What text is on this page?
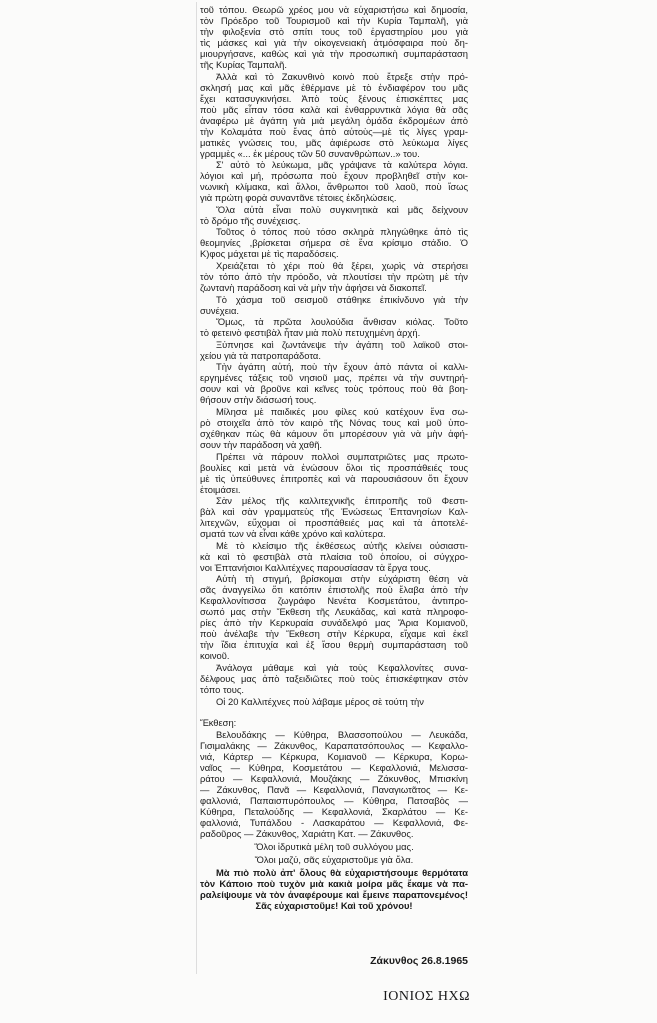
τοῦ τόπου. Θεωρῶ χρέος μου νὰ εὐχαριστήσω καὶ δημοσία,
τὸν Πρόεδρο τοῦ Τουρισμοῦ καὶ τὴν Κυρία Ταμπαλῆ, γιὰ
τὴν φιλοξενία στὸ σπίτι τους τοῦ ἐργαστηρίου μου γιὰ
τὶς μάσκες καὶ γιὰ τὴν οἰκογενειακὴ ἀτμόσφαιρα ποὺ δη-
μιουργήσανε, καθὼς καὶ γιὰ τὴν προσωπικὴ συμπαράσταση
τῆς Κυρίας Ταμπαλῆ.
Ἀλλὰ καὶ τὸ Ζακυνθινὸ κοινὸ ποὺ ἔτρεξε στὴν πρό-
σκλησή μας καὶ μᾶς ἐθέρμανε μὲ τὸ ἐνδιαφέρον του μᾶς
ἔχει κατασυγκινήσει. Ἀπὸ τοὺς ξένους ἐπισκέπτες μας
ποὺ μᾶς εἶπαν τόσα καλὰ καὶ ἐνθαρρυντικὰ λόγια θὰ σᾶς
ἀναφέρω μὲ ἀγάπη γιὰ μιὰ μεγάλη ὁμάδα ἐκδρομέων ἀπὸ
τὴν Κολαμάτα ποὺ ἕνας ἀπὸ αὐτοὺς—μὲ τὶς λίγες γραμ-
ματικὲς γνώσεις του, μᾶς ἀφιέρωσε στὸ λεύκωμα λίγες
γραμμὲς «... ἐκ μέρους τῶν 50 συνανθρώπων..» του.
Σ' αὐτὸ τὸ λεύκωμα, μᾶς γράψανε τὰ καλύτερα λόγια.
λόγιοι καὶ μή, πρόσωπα ποὺ ἔχουν προβληθεῖ στὴν κοι-
νωνικὴ κλίμακα, καὶ ἄλλοι, ἄνθρωποι τοῦ λαοῦ, ποὺ ἴσως
γιὰ πρώτη φορὰ συναντᾶνε τέτοιες ἐκδηλώσεις.
Ὅλα αὐτὰ εἶναι πολὺ συγκινητικὰ καὶ μᾶς δείχνουν
τὸ δρόμο τῆς συνέχεισς.
Τοῦτος ὁ τόπος ποὺ τόσο σκληρὰ πληγώθηκε ἀπὸ τὶς
θεομηνίες ,βρίσκεται σήμερα σὲ ἕνα κρίσιμο στάδιο. Ὁ
Κ)φος μάχεται μὲ τὶς παραδόσεις.
Χρειάζεται τὸ χέρι ποὺ θὰ ξέρει, χωρὶς νὰ στερήσει
τὸν τόπο ἀπὸ τὴν πρόοδο, νὰ πλουτίσει τὴν πρώτη μὲ τὴν
ζωντανὴ παράδοση καὶ νὰ μὴν τὴν ἀφήσει νὰ διακοπεῖ.
Τὸ χάσμα τοῦ σεισμοῦ στάθηκε ἐπικίνδυνο γιὰ τὴν
συνέχεια.
Ὅμως, τὰ πρῶτα λουλούδια ἄνθισαν κιόλας. Τοῦτο
τὸ φετεινὸ φεστιβὰλ ἦταν μιὰ πολὺ πετυχημένη ἀρχή.
Ξύπνησε καὶ ζωντάνεψε τὴν ἀγάπη τοῦ λαϊκοῦ στοι-
χείου γιὰ τὰ πατροπαράδοτα.
Τὴν ἀγάπη αὐτή, ποὺ τὴν ἔχουν ἀπὸ πάντα οἱ καλλι-
εργημένες τάξεις τοῦ νησιοῦ μας, πρέπει νὰ τὴν συντηρή-
σουν καὶ νὰ βροῦνε καὶ κεῖνες τοὺς τρόπους ποὺ θὰ βοη-
θήσουν στὴν διάσωσή τους.
Μίλησα μὲ παιδικές μου φίλες κού κατέχουν ἕνα σω-
ρὸ στοιχεῖα ἀπὸ τὸν καιρὸ τῆς Νόνας τους καὶ μοῦ ὑπο-
σχέθηκαν πὼς θὰ κάμουν ὅτι μπορέσουν γιὰ νὰ μὴν ἀφή-
σουν τὴν παράδοση νὰ χαθῆ.
Πρέπει νὰ πάρουν πολλοὶ συμπατριῶτες μας πρωτο-
βουλίες καὶ μετὰ νὰ ἑνώσουν ὅλοι τὶς προσπάθειές τους
μὲ τὶς ὑπεύθυνες ἐπιτροπὲς καὶ νὰ παρουσιάσουν ὅτι ἔχουν
ἑτοιμάσει.
Σὰν μέλος τῆς καλλιτεχνικῆς ἐπιτροπῆς τοῦ Φεστι-
βὰλ καὶ σὰν γραμματεὺς τῆς Ἑνώσεως Ἑπτανησίων Καλ-
λιτεχνῶν, εὔχομαι οἱ προσπάθειές μας καὶ τὰ ἀποτελέ-
σματά των νὰ εἶναι κάθε χρόνο καὶ καλύτερα.
Μὲ τὸ κλείσιμο τῆς ἐκθέσεως αὐτῆς κλείνει οὐσιαστι-
κὰ καὶ τὸ φεστιβὰλ στὰ πλαίσια τοῦ ὁποίου, οἱ σύγχρο-
νοι Ἑπτανήσιοι Καλλιτέχνες παρουσίασαν τὰ ἔργα τους.
Αὐτὴ τὴ στιγμή, βρίσκομαι στὴν εὐχάριστη θέση νὰ
σᾶς ἀναγγείλω ὅτι κατόπιν ἐπιστολῆς ποὺ ἔλαβα ἀπὸ τὴν
Κεφαλλονίτισσα ζωγράφο Νενέτα Κοσμετάτου, ἀντιπρο-
σωπό μας στὴν Ἔκθεση τῆς Λευκάδας, καὶ κατὰ πληροφο-
ρίες ἀπὸ τὴν Κερκυραία συνάδελφό μας Ἄρια Κομιανοῦ,
ποὺ ἀνέλαβε τὴν Ἔκθεση στὴν Κέρκυρα, εἴχαμε καὶ ἐκεῖ
τὴν ἴδια ἐπιτυχία καὶ ἐξ ἴσου θερμὴ συμπαράσταση τοῦ
κοινοῦ.
Ἀνάλογα μάθαμε καὶ γιὰ τοὺς Κεφαλλονίτες συνα-
δέλφους μας ἀπὸ ταξειδιῶτες ποὺ τοὺς ἐπισκέφτηκαν στὸν
τόπο τους.
Οἱ 20 Καλλιτέχνες ποὺ λάβαμε μέρος σὲ τούτη τὴν
Ἔκθεση:
Βελουδάκης — Κύθηρα, Βλασσοπούλου — Λευκάδα,
Γισιμαλάκης — Ζάκυνθος, Καραπατσόπουλος — Κεφαλλο-
νιά, Κάρτερ — Κέρκυρα, Κομιανοῦ — Κέρκυρα, Κορω-
ναῖος — Κύθηρα, Κοσμετάτου — Κεφαλλονιά, Μελισσα-
ράτου — Κεφαλλονιά, Μουζάκης — Ζάκυνθος, Μπισκίνη
— Ζάκυνθος, Πανᾶ — Κεφαλλονιά, Παναγιωτᾶτος — Κε-
φαλλονιά, Παπαισπυρόπουλος — Κύθηρα, Πατσαβὸς —
Κύθηρα, Πεταλούδης — Κεφαλλονιά, Σκαρλάτου — Κε-
φαλλονιά, Τυπάλδου - Λασκαράτου — Κεφαλλονιά, Φε-
ραδοῦρος — Ζάκυνθος, Χαριάτη Κατ. — Ζάκυνθος.
Ὅλοι ἱδρυτικὰ μέλη τοῦ συλλόγου μας.
Ὅλοι μαζύ, σᾶς εὐχαριστοῦμε γιὰ ὅλα.
Μὰ πιὸ πολὺ ἀπ' ὅλους θὰ εὐχαριστήσουμε θερμότατα
τὸν Κάποιο ποὺ τυχὸν μιὰ κακιὰ μοίρα μᾶς ἔκαμε νὰ πα-
ραλείψουμε νὰ τὸν ἀναφέρουμε καὶ ἔμεινε παραπονεμένος!
Σᾶς εὐχαριστοῦμε! Καὶ τοῦ χρόνου!
Ζάκυνθος 26.8.1965
ΙΟΝΙΟΣ ΗΧΩ
